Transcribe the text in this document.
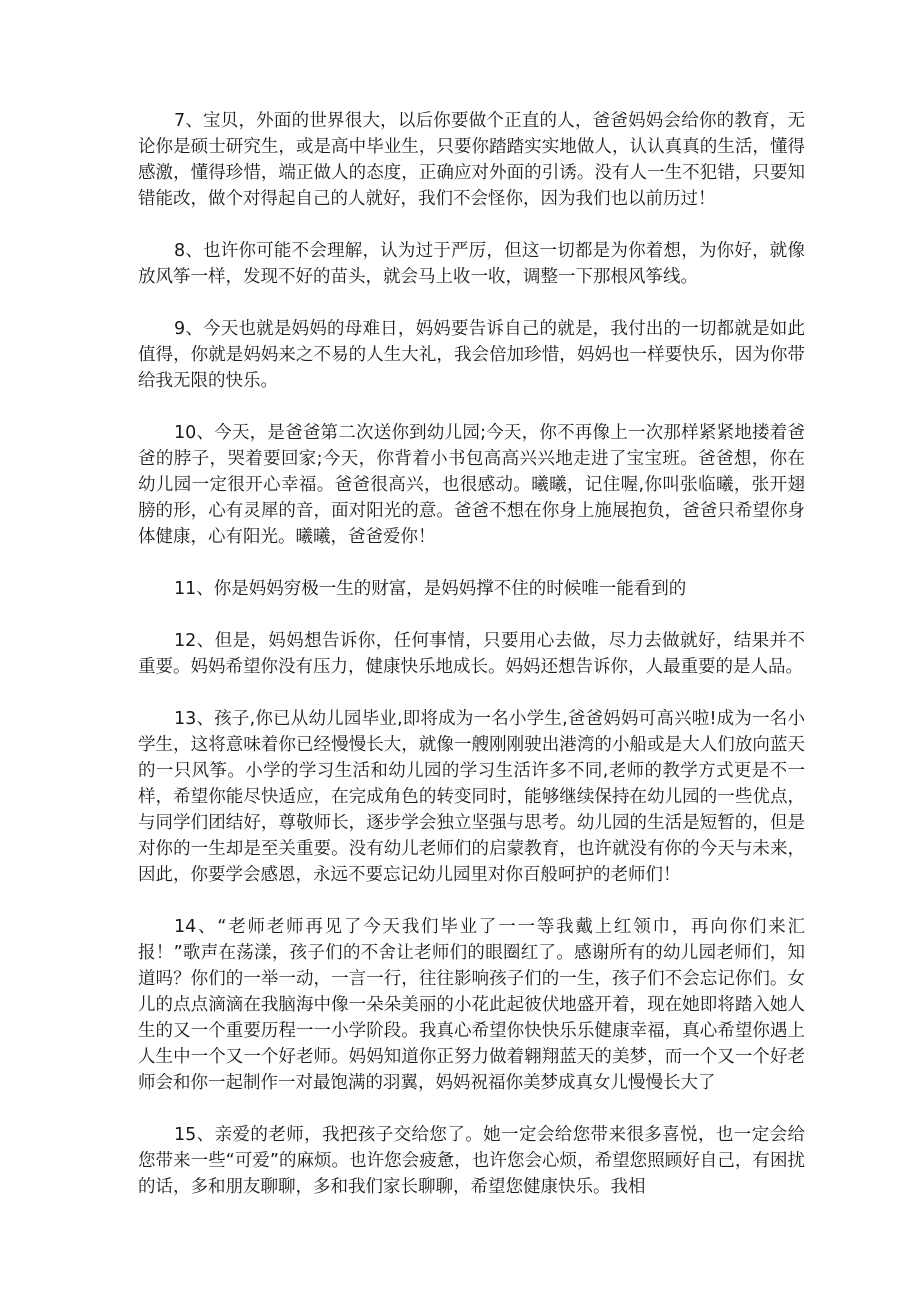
7、宝贝，外面的世界很大，以后你要做个正直的人，爸爸妈妈会给你的教育，无论你是硕士研究生，或是高中毕业生，只要你踏踏实实地做人，认认真真的生活，懂得感激，懂得珍惜，端正做人的态度，正确应对外面的引诱。没有人一生不犯错，只要知错能改，做个对得起自己的人就好，我们不会怪你，因为我们也以前历过！

8、也许你可能不会理解，认为过于严厉，但这一切都是为你着想，为你好，就像放风筝一样，发现不好的苗头，就会马上收一收，调整一下那根风筝线。

9、今天也就是妈妈的母难日，妈妈要告诉自己的就是，我付出的一切都就是如此值得，你就是妈妈来之不易的人生大礼，我会倍加珍惜，妈妈也一样要快乐，因为你带给我无限的快乐。

10、今天，是爸爸第二次送你到幼儿园;今天，你不再像上一次那样紧紧地搂着爸爸的脖子，哭着要回家;今天，你背着小书包高高兴兴地走进了宝宝班。爸爸想，你在幼儿园一定很开心幸福。爸爸很高兴，也很感动。曦曦，记住喔,你叫张临曦，张开翅膀的形，心有灵犀的音，面对阳光的意。爸爸不想在你身上施展抱负，爸爸只希望你身体健康，心有阳光。曦曦，爸爸爱你！

11、你是妈妈穷极一生的财富，是妈妈撑不住的时候唯一能看到的

12、但是，妈妈想告诉你，任何事情，只要用心去做，尽力去做就好，结果并不重要。妈妈希望你没有压力，健康快乐地成长。妈妈还想告诉你，人最重要的是人品。

13、孩子,你已从幼儿园毕业,即将成为一名小学生,爸爸妈妈可高兴啦!成为一名小学生，这将意味着你已经慢慢长大，就像一艘刚刚驶出港湾的小船或是大人们放向蓝天的一只风筝。小学的学习生活和幼儿园的学习生活许多不同,老师的教学方式更是不一样，希望你能尽快适应，在完成角色的转变同时，能够继续保持在幼儿园的一些优点，与同学们团结好，尊敬师长，逐步学会独立坚强与思考。幼儿园的生活是短暂的，但是对你的一生却是至关重要。没有幼儿老师们的启蒙教育，也许就没有你的今天与未来，因此，你要学会感恩，永远不要忘记幼儿园里对你百般呵护的老师们！

14、“老师老师再见了今天我们毕业了一一等我戴上红领巾，再向你们来汇报！”歌声在荡漾，孩子们的不舍让老师们的眼圈红了。感谢所有的幼儿园老师们，知道吗？你们的一举一动，一言一行，往往影响孩子们的一生，孩子们不会忘记你们。女儿的点点滴滴在我脑海中像一朵朵美丽的小花此起彼伏地盛开着，现在她即将踏入她人生的又一个重要历程一一小学阶段。我真心希望你快快乐乐健康幸福，真心希望你遇上人生中一个又一个好老师。妈妈知道你正努力做着翱翔蓝天的美梦，而一个又一个好老师会和你一起制作一对最饱满的羽翼，妈妈祝福你美梦成真女儿慢慢长大了

15、亲爱的老师，我把孩子交给您了。她一定会给您带来很多喜悦，也一定会给您带来一些“可爱”的麻烦。也许您会疲惫，也许您会心烦，希望您照顾好自己，有困扰的话，多和朋友聊聊，多和我们家长聊聊，希望您健康快乐。我相
